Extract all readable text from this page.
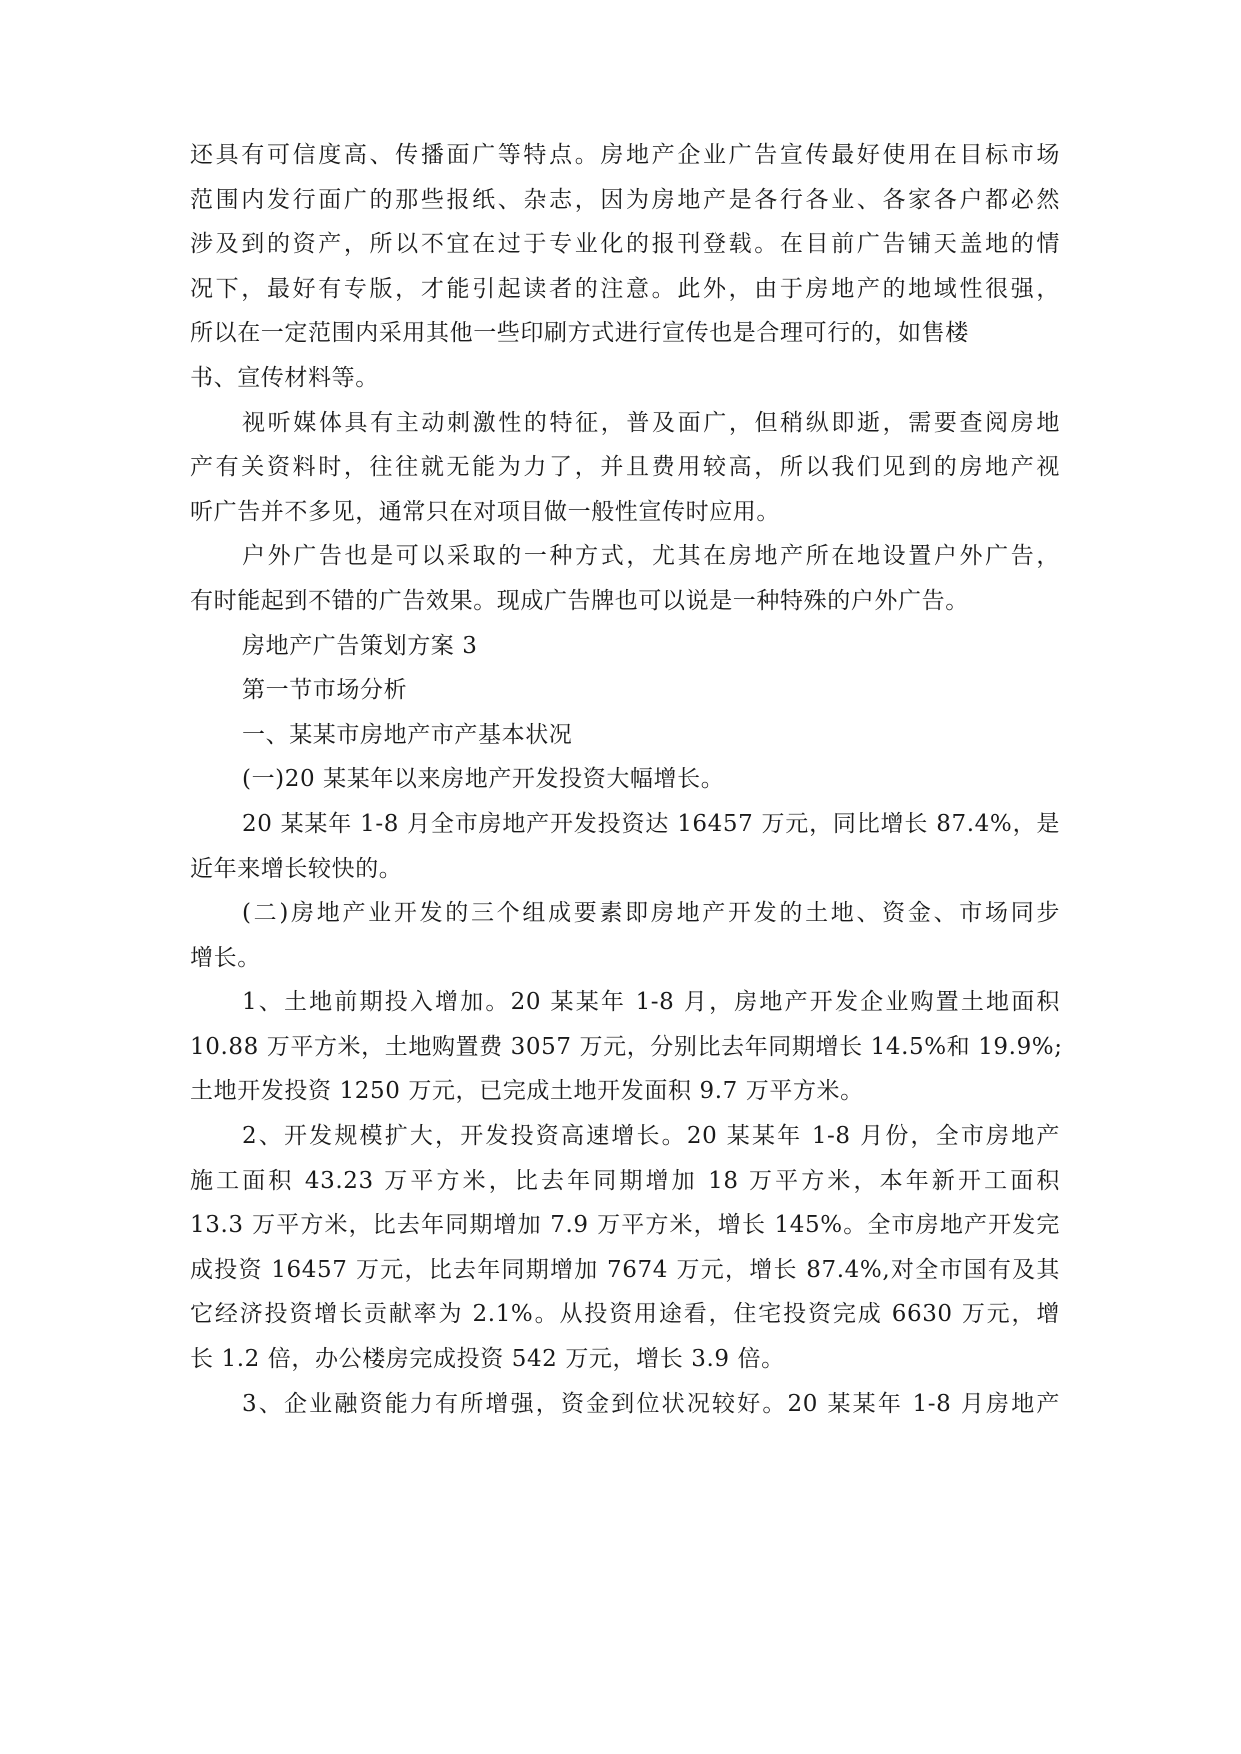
还具有可信度高、传播面广等特点。房地产企业广告宣传最好使用在目标市场
范围内发行面广的那些报纸、杂志，因为房地产是各行各业、各家各户都必然
涉及到的资产，所以不宜在过于专业化的报刊登载。在目前广告铺天盖地的情
况下，最好有专版，才能引起读者的注意。此外，由于房地产的地域性很强，
所以在一定范围内采用其他一些印刷方式进行宣传也是合理可行的，如售楼
书、宣传材料等。
视听媒体具有主动刺激性的特征，普及面广，但稍纵即逝，需要查阅房地
产有关资料时，往往就无能为力了，并且费用较高，所以我们见到的房地产视
听广告并不多见，通常只在对项目做一般性宣传时应用。
户外广告也是可以采取的一种方式，尤其在房地产所在地设置户外广告，
有时能起到不错的广告效果。现成广告牌也可以说是一种特殊的户外广告。
房地产广告策划方案 3
第一节市场分析
一、某某市房地产市产基本状况
(一)20 某某年以来房地产开发投资大幅增长。
20 某某年 1-8 月全市房地产开发投资达 16457 万元，同比增长 87.4%，是
近年来增长较快的。
(二)房地产业开发的三个组成要素即房地产开发的土地、资金、市场同步
增长。
1、土地前期投入增加。20 某某年 1-8 月，房地产开发企业购置土地面积
10.88 万平方米，土地购置费 3057 万元，分别比去年同期增长 14.5%和 19.9%;
土地开发投资 1250 万元，已完成土地开发面积 9.7 万平方米。
2、开发规模扩大，开发投资高速增长。20 某某年 1-8 月份，全市房地产
施工面积 43.23 万平方米，比去年同期增加 18 万平方米，本年新开工面积
13.3 万平方米，比去年同期增加 7.9 万平方米，增长 145%。全市房地产开发完
成投资 16457 万元，比去年同期增加 7674 万元，增长 87.4%,对全市国有及其
它经济投资增长贡献率为 2.1%。从投资用途看，住宅投资完成 6630 万元，增
长 1.2 倍，办公楼房完成投资 542 万元，增长 3.9 倍。
3、企业融资能力有所增强，资金到位状况较好。20 某某年 1-8 月房地产
